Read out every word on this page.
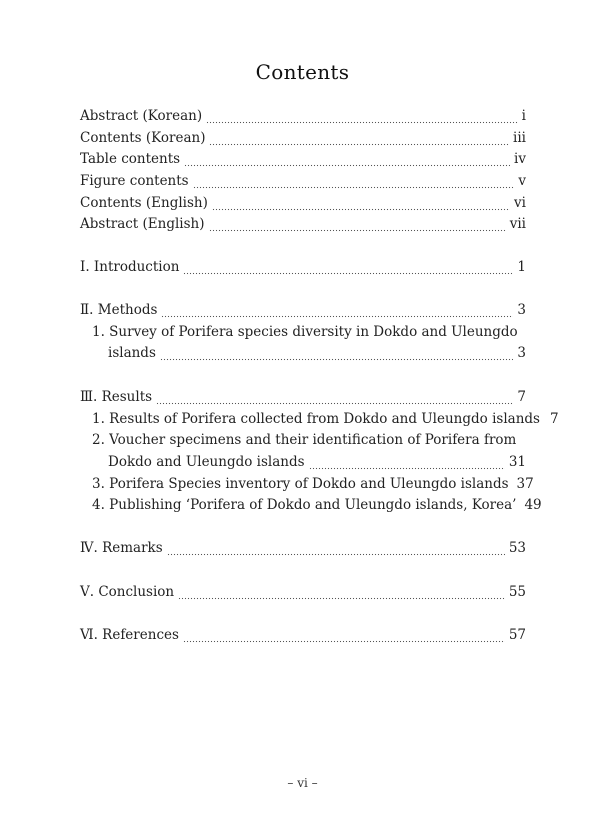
Contents
Abstract (Korean)	i
Contents (Korean)	iii
Table contents	iv
Figure contents	v
Contents (English)	vi
Abstract (English)	vii
Ⅰ. Introduction	1
Ⅱ. Methods	3
1. Survey of Porifera species diversity in Dokdo and Uleungdo
islands	3
Ⅲ. Results	7
1. Results of Porifera collected from Dokdo and Uleungdo islands 7
2. Voucher specimens and their identification of Porifera from
Dokdo and Uleungdo islands	31
3. Porifera Species inventory of Dokdo and Uleungdo islands 37
4. Publishing ‘Porifera of Dokdo and Uleungdo islands, Korea’ 49
Ⅳ. Remarks	53
Ⅴ. Conclusion	55
Ⅵ. References	57
– vi –
